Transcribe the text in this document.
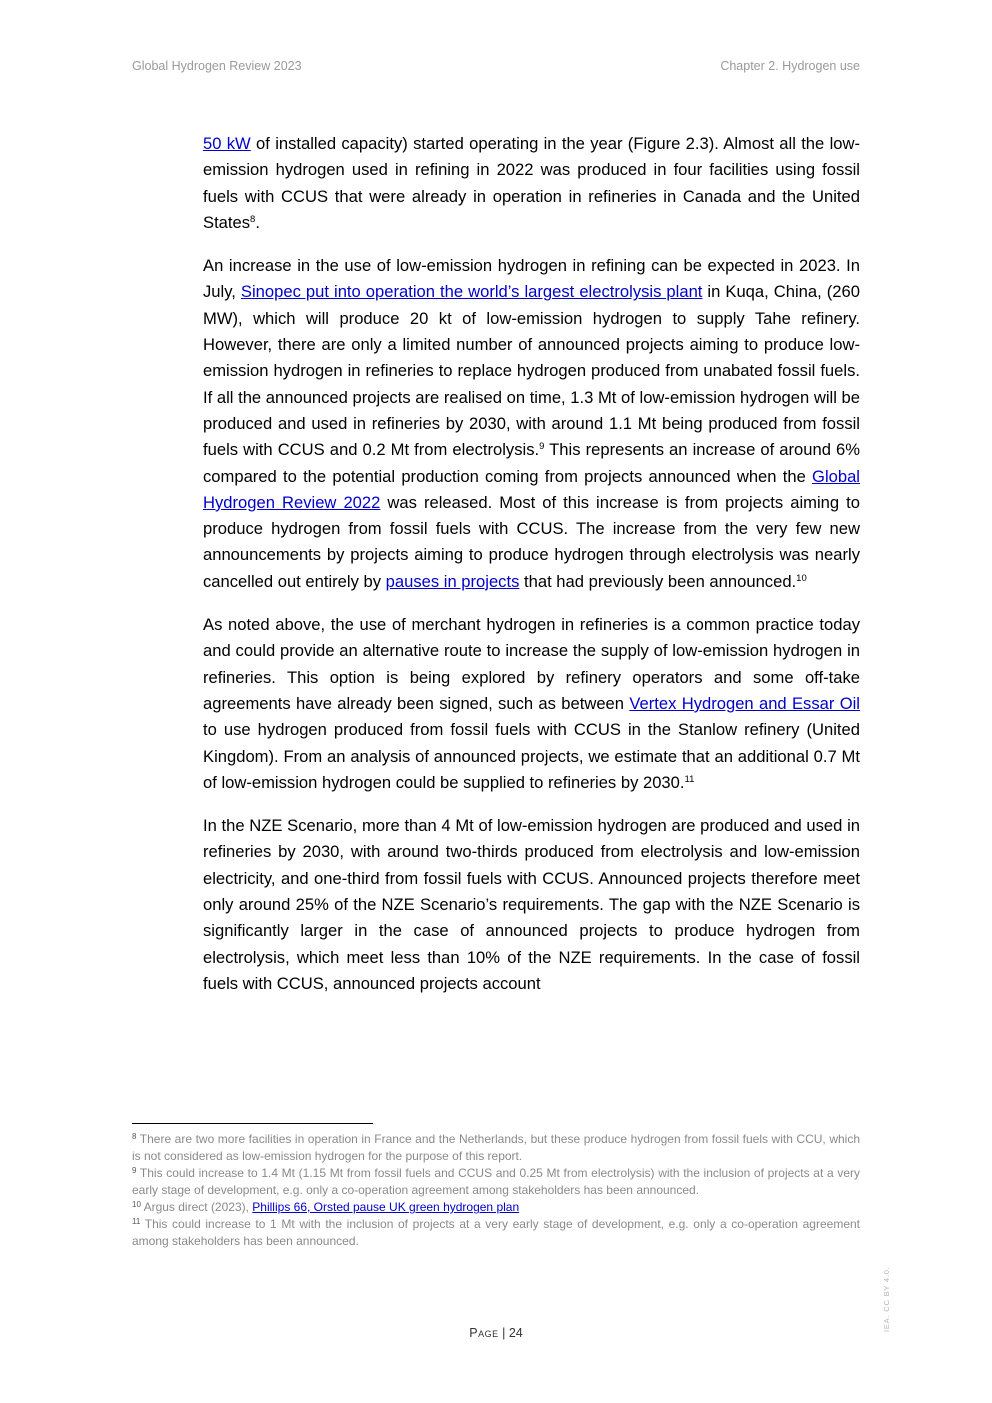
Global Hydrogen Review 2023	Chapter 2. Hydrogen use

50 kW of installed capacity) started operating in the year (Figure 2.3). Almost all the low-emission hydrogen used in refining in 2022 was produced in four facilities using fossil fuels with CCUS that were already in operation in refineries in Canada and the United States$^8$.

An increase in the use of low-emission hydrogen in refining can be expected in 2023. In July, Sinopec put into operation the world’s largest electrolysis plant in Kuqa, China, (260 MW), which will produce 20 kt of low-emission hydrogen to supply Tahe refinery. However, there are only a limited number of announced projects aiming to produce low-emission hydrogen in refineries to replace hydrogen produced from unabated fossil fuels. If all the announced projects are realised on time, 1.3 Mt of low-emission hydrogen will be produced and used in refineries by 2030, with around 1.1 Mt being produced from fossil fuels with CCUS and 0.2 Mt from electrolysis.$^9$ This represents an increase of around 6% compared to the potential production coming from projects announced when the Global Hydrogen Review 2022 was released. Most of this increase is from projects aiming to produce hydrogen from fossil fuels with CCUS. The increase from the very few new announcements by projects aiming to produce hydrogen through electrolysis was nearly cancelled out entirely by pauses in projects that had previously been announced.$^{10}$

As noted above, the use of merchant hydrogen in refineries is a common practice today and could provide an alternative route to increase the supply of low-emission hydrogen in refineries. This option is being explored by refinery operators and some off-take agreements have already been signed, such as between Vertex Hydrogen and Essar Oil to use hydrogen produced from fossil fuels with CCUS in the Stanlow refinery (United Kingdom). From an analysis of announced projects, we estimate that an additional 0.7 Mt of low-emission hydrogen could be supplied to refineries by 2030.11

In the NZE Scenario, more than 4 Mt of low-emission hydrogen are produced and used in refineries by 2030, with around two-thirds produced from electrolysis and low-emission electricity, and one-third from fossil fuels with CCUS. Announced projects therefore meet only around 25% of the NZE Scenario’s requirements. The gap with the NZE Scenario is significantly larger in the case of announced projects to produce hydrogen from electrolysis, which meet less than 10% of the NZE requirements. In the case of fossil fuels with CCUS, announced projects account

$^8$ There are two more facilities in operation in France and the Netherlands, but these produce hydrogen from fossil fuels with CCU, which is not considered as low-emission hydrogen for the purpose of this report.

$^9$ This could increase to 1.4 Mt (1.15 Mt from fossil fuels and CCUS and 0.25 Mt from electrolysis) with the inclusion of projects at a very early stage of development, e.g. only a co-operation agreement among stakeholders has been announced.

$^{10}$ Argus direct (2023), Phillips 66, Orsted pause UK green hydrogen plan

$^{11}$ This could increase to 1 Mt with the inclusion of projects at a very early stage of development, e.g. only a co-operation agreement among stakeholders has been announced.

Page | 24
IEA. CC BY 4.0.
